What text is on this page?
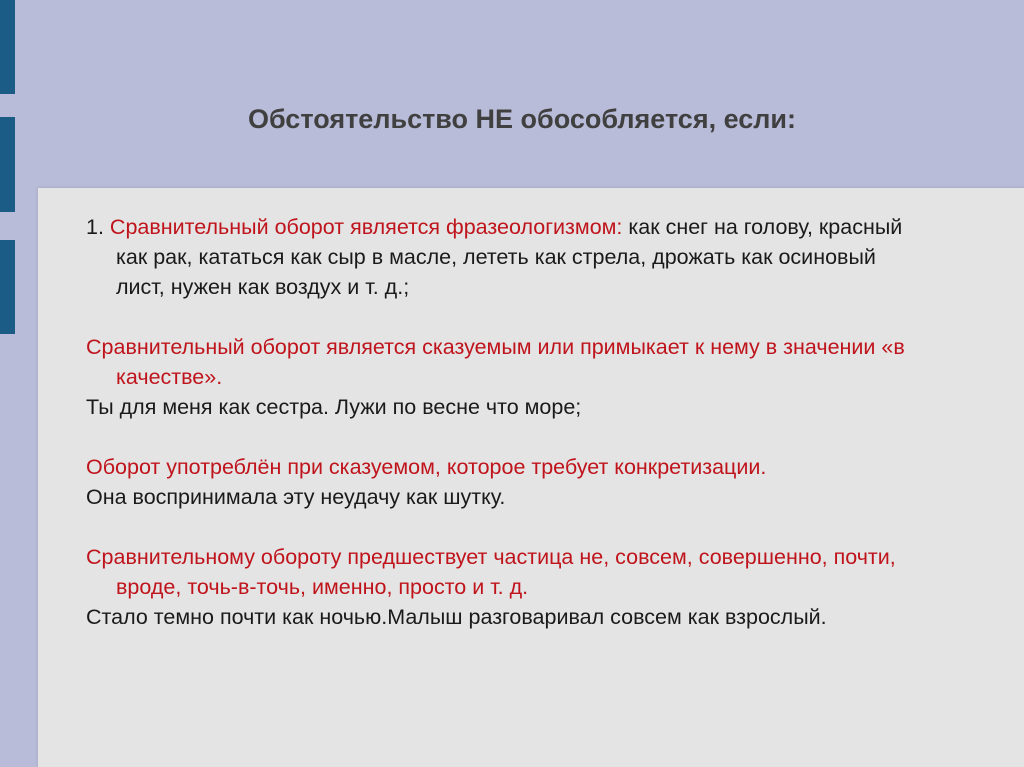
Обстоятельство НЕ обособляется, если:

1. Сравнительный оборот является фразеологизмом: как снег на голову, красный как рак, кататься как сыр в масле, лететь как стрела, дрожать как осиновый лист, нужен как воздух и т. д.;

Сравнительный оборот является сказуемым или примыкает к нему в значении «в качестве».

Ты для меня как сестра. Лужи по весне что море;

Оборот употреблён при сказуемом, которое требует конкретизации.

Она воспринимала эту неудачу как шутку.

Сравнительному обороту предшествует частица не, совсем, совершенно, почти, вроде, точь-в-точь, именно, просто и т. д.

Стало темно почти как ночью.Малыш разговаривал совсем как взрослый.
